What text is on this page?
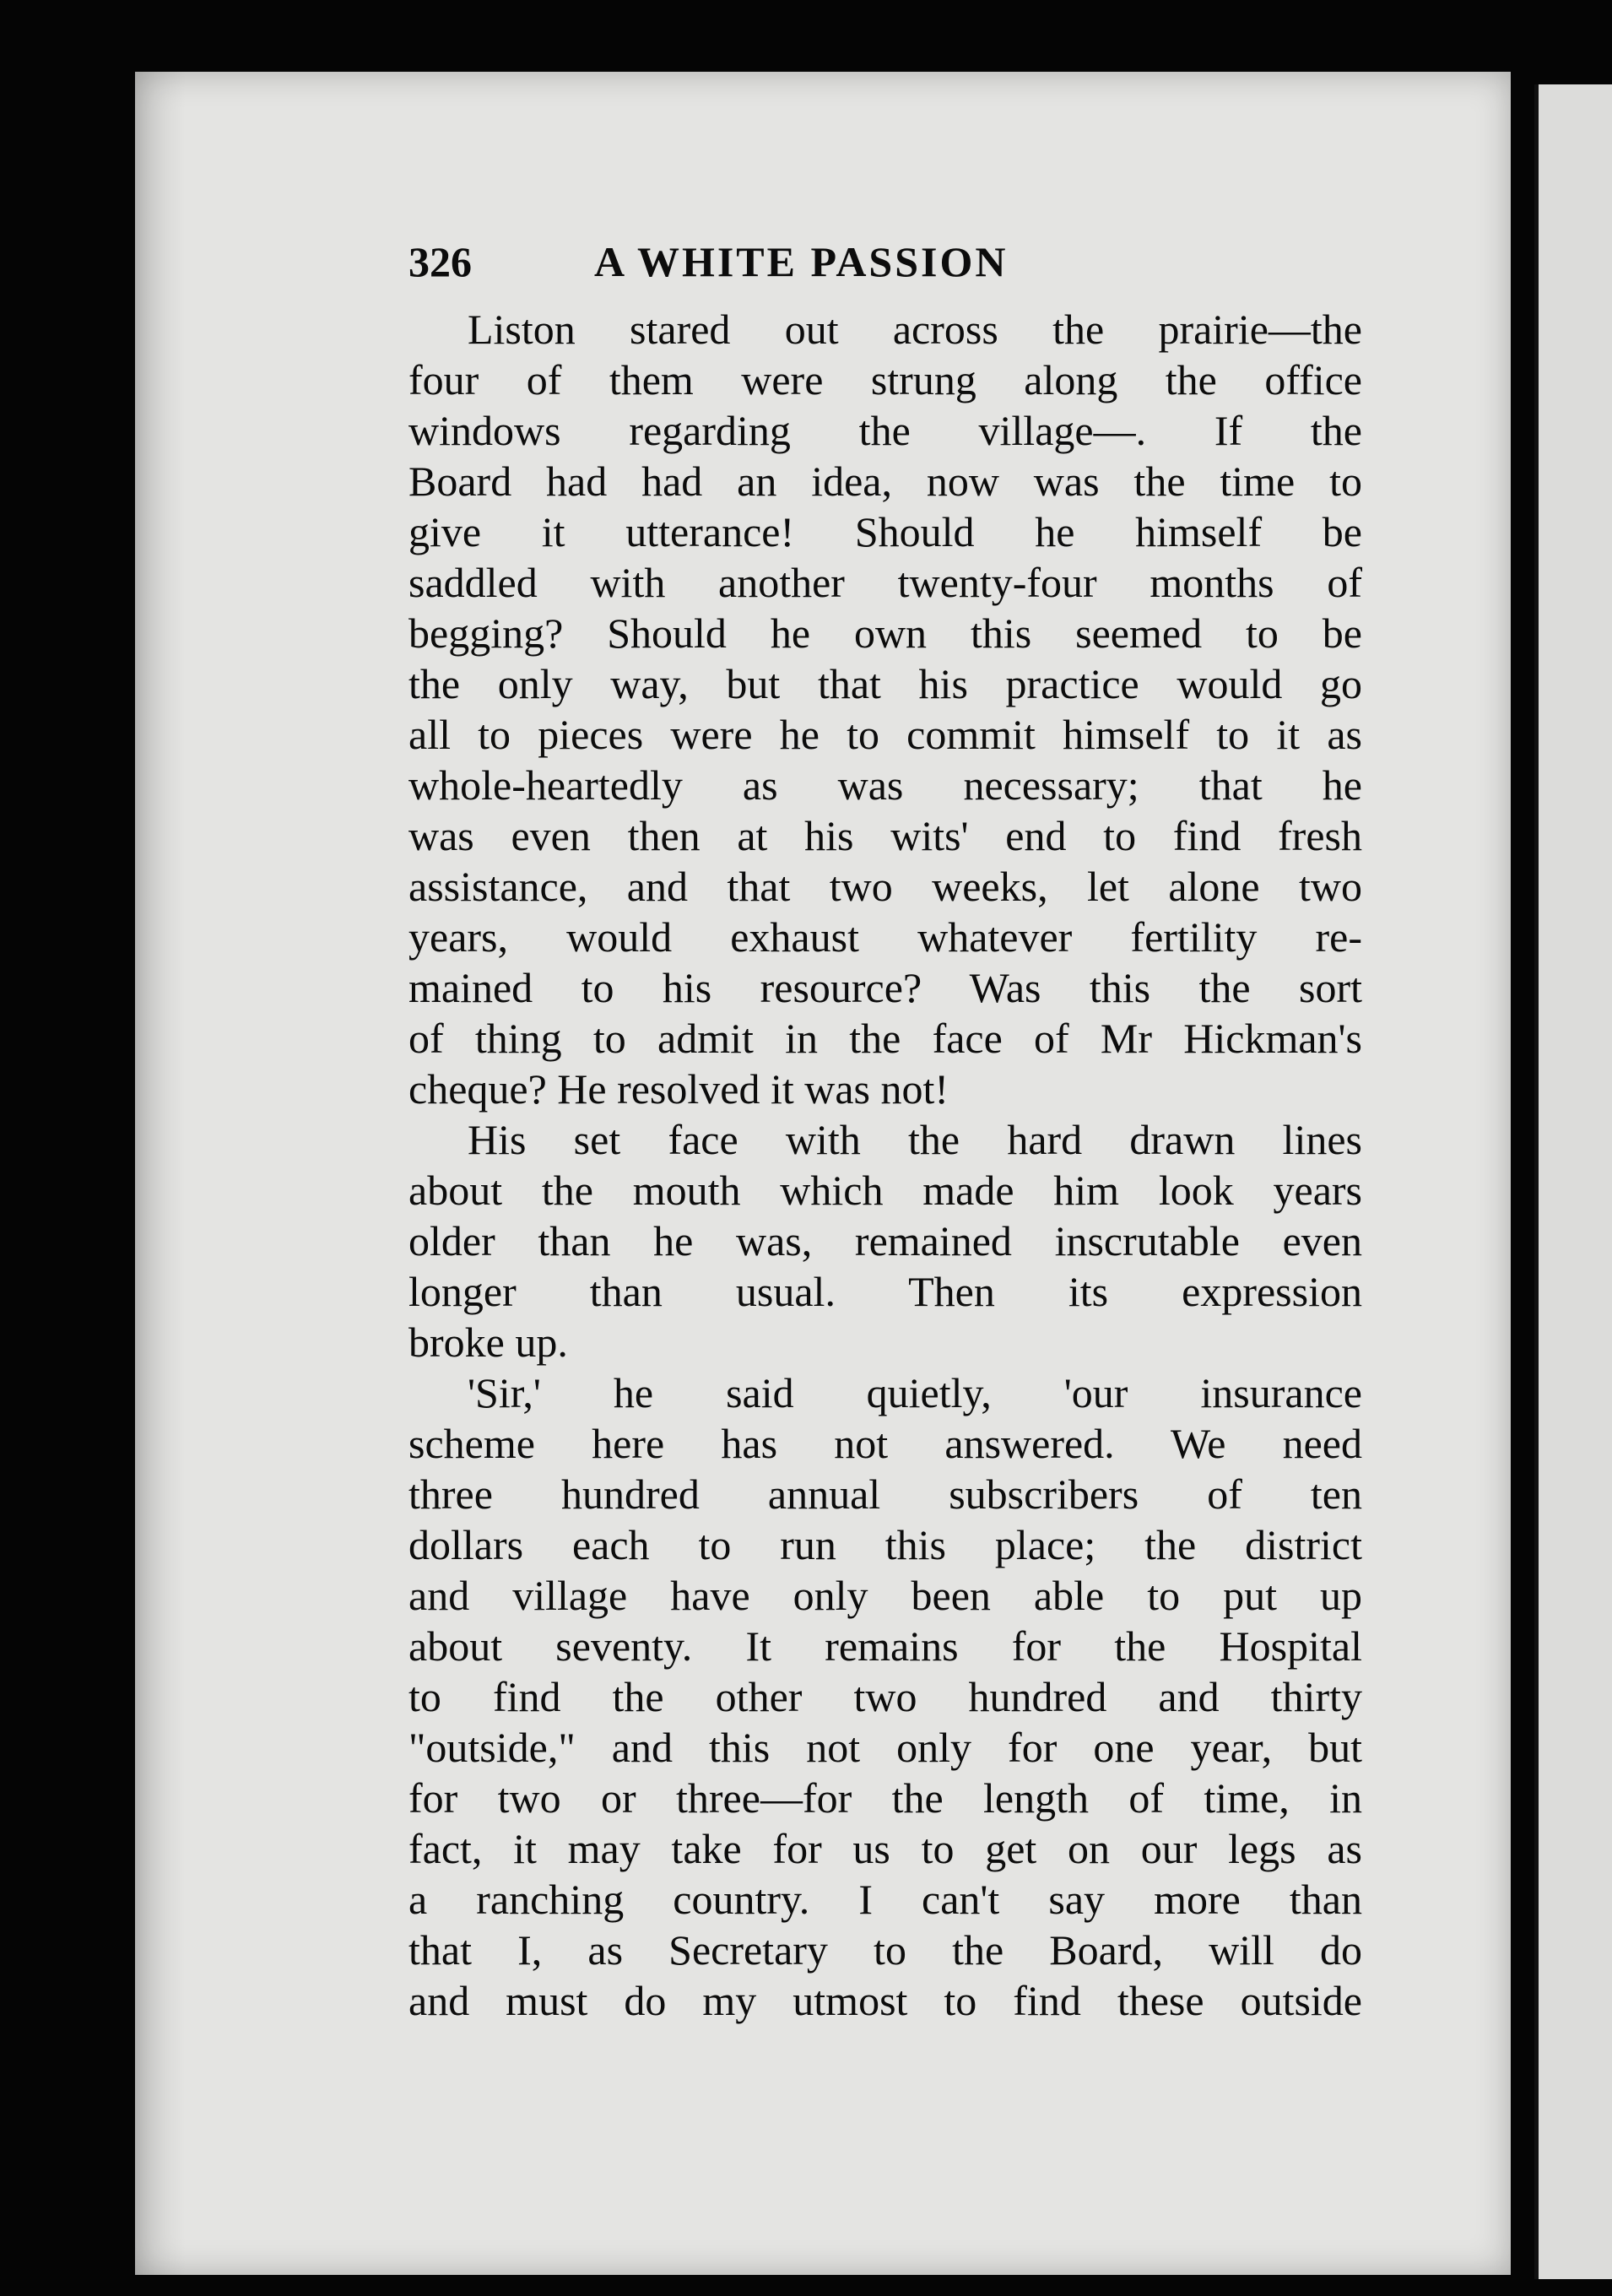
326	A WHITE PASSION
Liston stared out across the prairie—the
four of them were strung along the office
windows regarding the village—. If the
Board had had an idea, now was the time to
give it utterance! Should he himself be
saddled with another twenty-four months of
begging? Should he own this seemed to be
the only way, but that his practice would go
all to pieces were he to commit himself to it as
whole-heartedly as was necessary; that he
was even then at his wits' end to find fresh
assistance, and that two weeks, let alone two
years, would exhaust whatever fertility re-
mained to his resource? Was this the sort
of thing to admit in the face of Mr Hickman's
cheque? He resolved it was not!
His set face with the hard drawn lines
about the mouth which made him look years
older than he was, remained inscrutable even
longer than usual. Then its expression
broke up.
'Sir,' he said quietly, 'our insurance
scheme here has not answered. We need
three hundred annual subscribers of ten
dollars each to run this place; the district
and village have only been able to put up
about seventy. It remains for the Hospital
to find the other two hundred and thirty
"outside," and this not only for one year, but
for two or three—for the length of time, in
fact, it may take for us to get on our legs as
a ranching country. I can't say more than
that I, as Secretary to the Board, will do
and must do my utmost to find these outside
